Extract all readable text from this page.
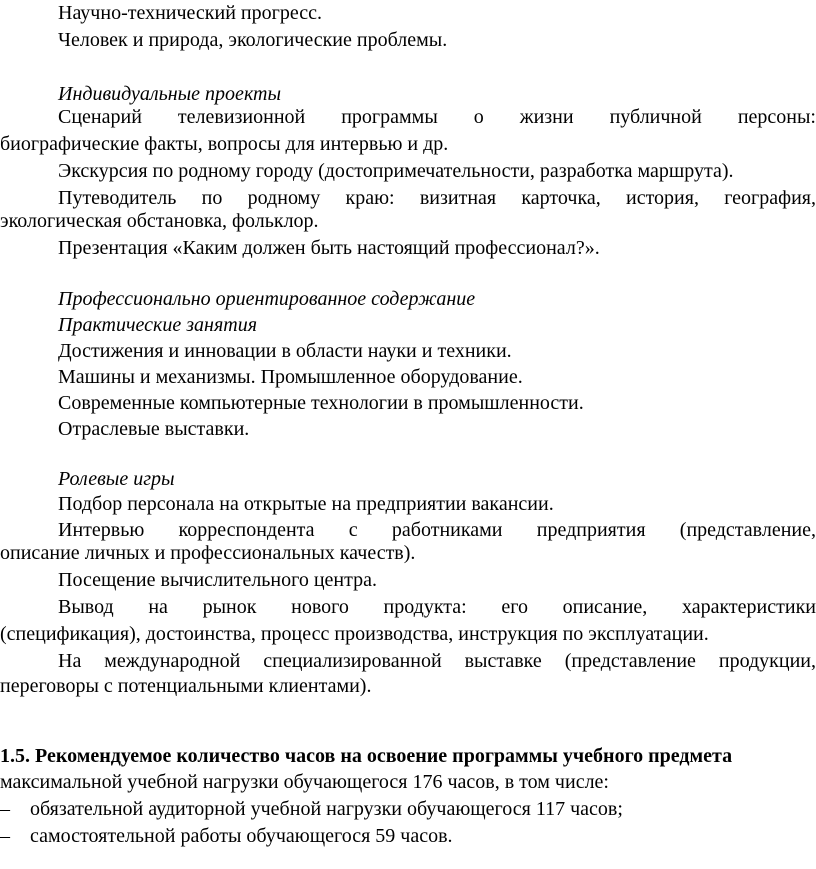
Научно-технический прогресс.
Человек и природа, экологические проблемы.
Индивидуальные проекты
Сценарий телевизионной программы о жизни публичной персоны:
биографические факты, вопросы для интервью и др.
Экскурсия по родному городу (достопримечательности, разработка маршрута).
Путеводитель по родному краю: визитная карточка, история, география,
экологическая обстановка, фольклор.
Презентация «Каким должен быть настоящий профессионал?».
Профессионально ориентированное содержание
Практические занятия
Достижения и инновации в области науки и техники.
Машины и механизмы. Промышленное оборудование.
Современные компьютерные технологии в промышленности.
Отраслевые выставки.
Ролевые игры
Подбор персонала на открытые на предприятии вакансии.
Интервью корреспондента с работниками предприятия (представление,
описание личных и профессиональных качеств).
Посещение вычислительного центра.
Вывод на рынок нового продукта: его описание, характеристики
(спецификация), достоинства, процесс производства, инструкция по эксплуатации.
На международной специализированной выставке (представление продукции,
переговоры с потенциальными клиентами).
1.5. Рекомендуемое количество часов на освоение программы учебного предмета
максимальной учебной нагрузки обучающегося 176 часов, в том числе:
– обязательной аудиторной учебной нагрузки обучающегося 117 часов;
– самостоятельной работы обучающегося 59 часов.
